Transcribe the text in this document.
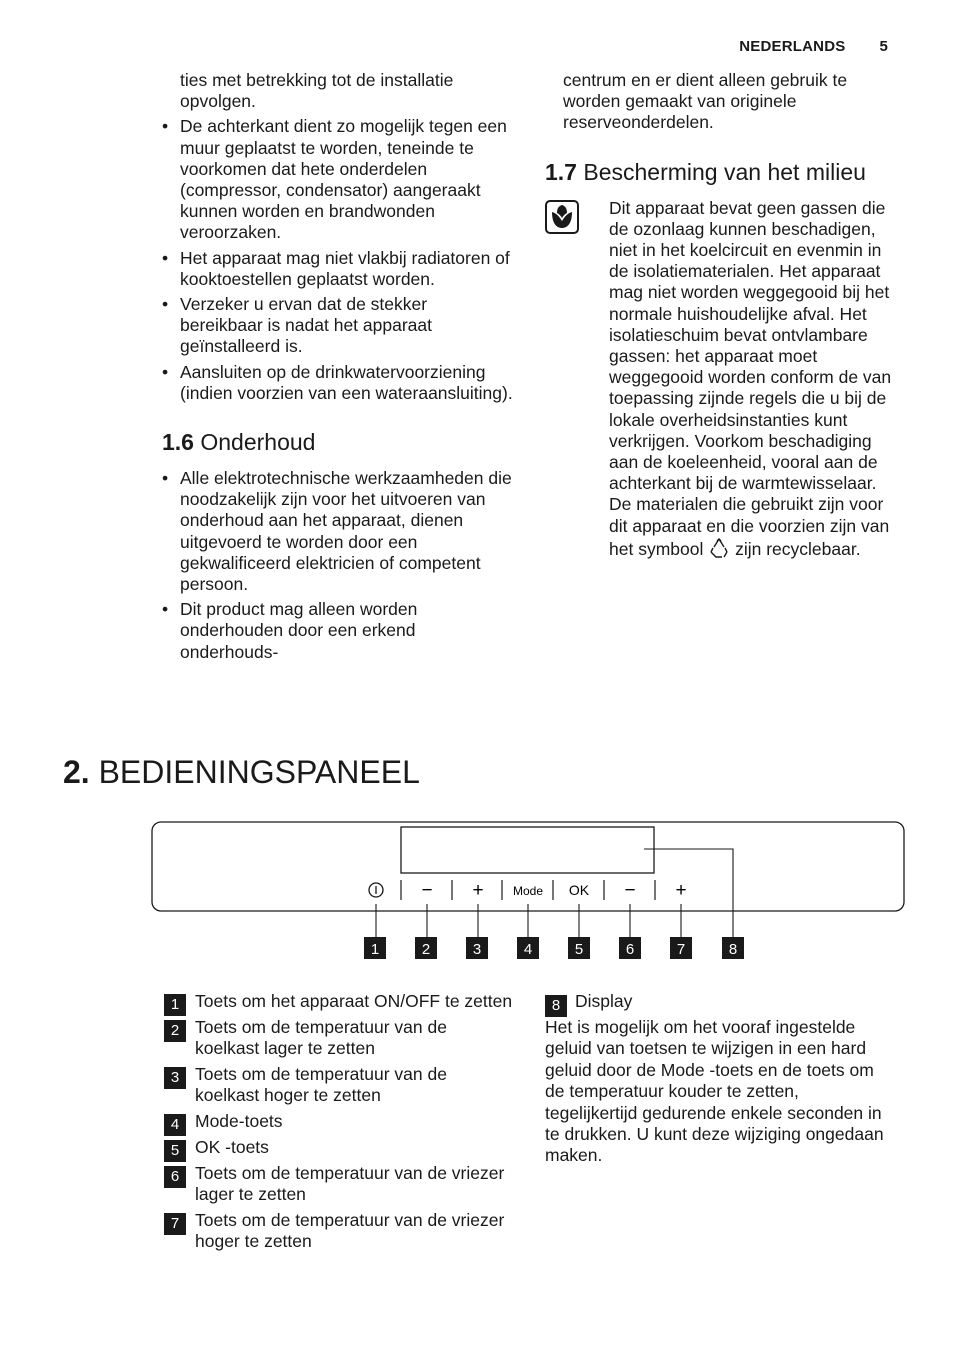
NEDERLANDS 5

ties met betrekking tot de installatie opvolgen.

• De achterkant dient zo mogelijk tegen een muur geplaatst te worden, teneinde te voorkomen dat hete onderdelen (compressor, condensator) aangeraakt kunnen worden en brandwonden veroorzaken.
• Het apparaat mag niet vlakbij radiatoren of kooktoestellen geplaatst worden.
• Verzeker u ervan dat de stekker bereikbaar is nadat het apparaat geïnstalleerd is.
• Aansluiten op de drinkwatervoorziening (indien voorzien van een wateraansluiting).
1.6 Onderhoud
• Alle elektrotechnische werkzaamheden die noodzakelijk zijn voor het uitvoeren van onderhoud aan het apparaat, dienen uitgevoerd te worden door een gekwalificeerd elektricien of competent persoon.
• Dit product mag alleen worden onderhouden door een erkend onderhouds-

centrum en er dient alleen gebruik te worden gemaakt van originele reserveonderdelen.

1.7 Bescherming van het milieu
Dit apparaat bevat geen gassen die de ozonlaag kunnen beschadigen, niet in het koelcircuit en evenmin in de isolatiematerialen. Het apparaat mag niet worden weggegooid bij het normale huishoudelijke afval. Het isolatieschuim bevat ontvlambare gassen: het apparaat moet weggegooid worden conform de van toepassing zijnde regels die u bij de lokale overheidsinstanties kunt verkrijgen. Voorkom beschadiging aan de koeleenheid, vooral aan de achterkant bij de warmtewisselaar. De materialen die gebruikt zijn voor dit apparaat en die voorzien zijn van het symbool zijn recyclebaar.
2. BEDIENINGSPANEEL
− + Mode OK − +
1	2	3	4	5	6	7	8
1 Toets om het apparaat ON/OFF te zetten
2 Toets om de temperatuur van de koelkast lager te zetten
3 Toets om de temperatuur van de koelkast hoger te zetten
4 Mode-toets
5 OK -toets
6 Toets om de temperatuur van de vriezer lager te zetten
7 Toets om de temperatuur van de vriezer hoger te zetten
8 Display
Het is mogelijk om het vooraf ingestelde geluid van toetsen te wijzigen in een hard geluid door de Mode -toets en de toets om de temperatuur kouder te zetten, tegelijkertijd gedurende enkele seconden in te drukken. U kunt deze wijziging ongedaan maken.
